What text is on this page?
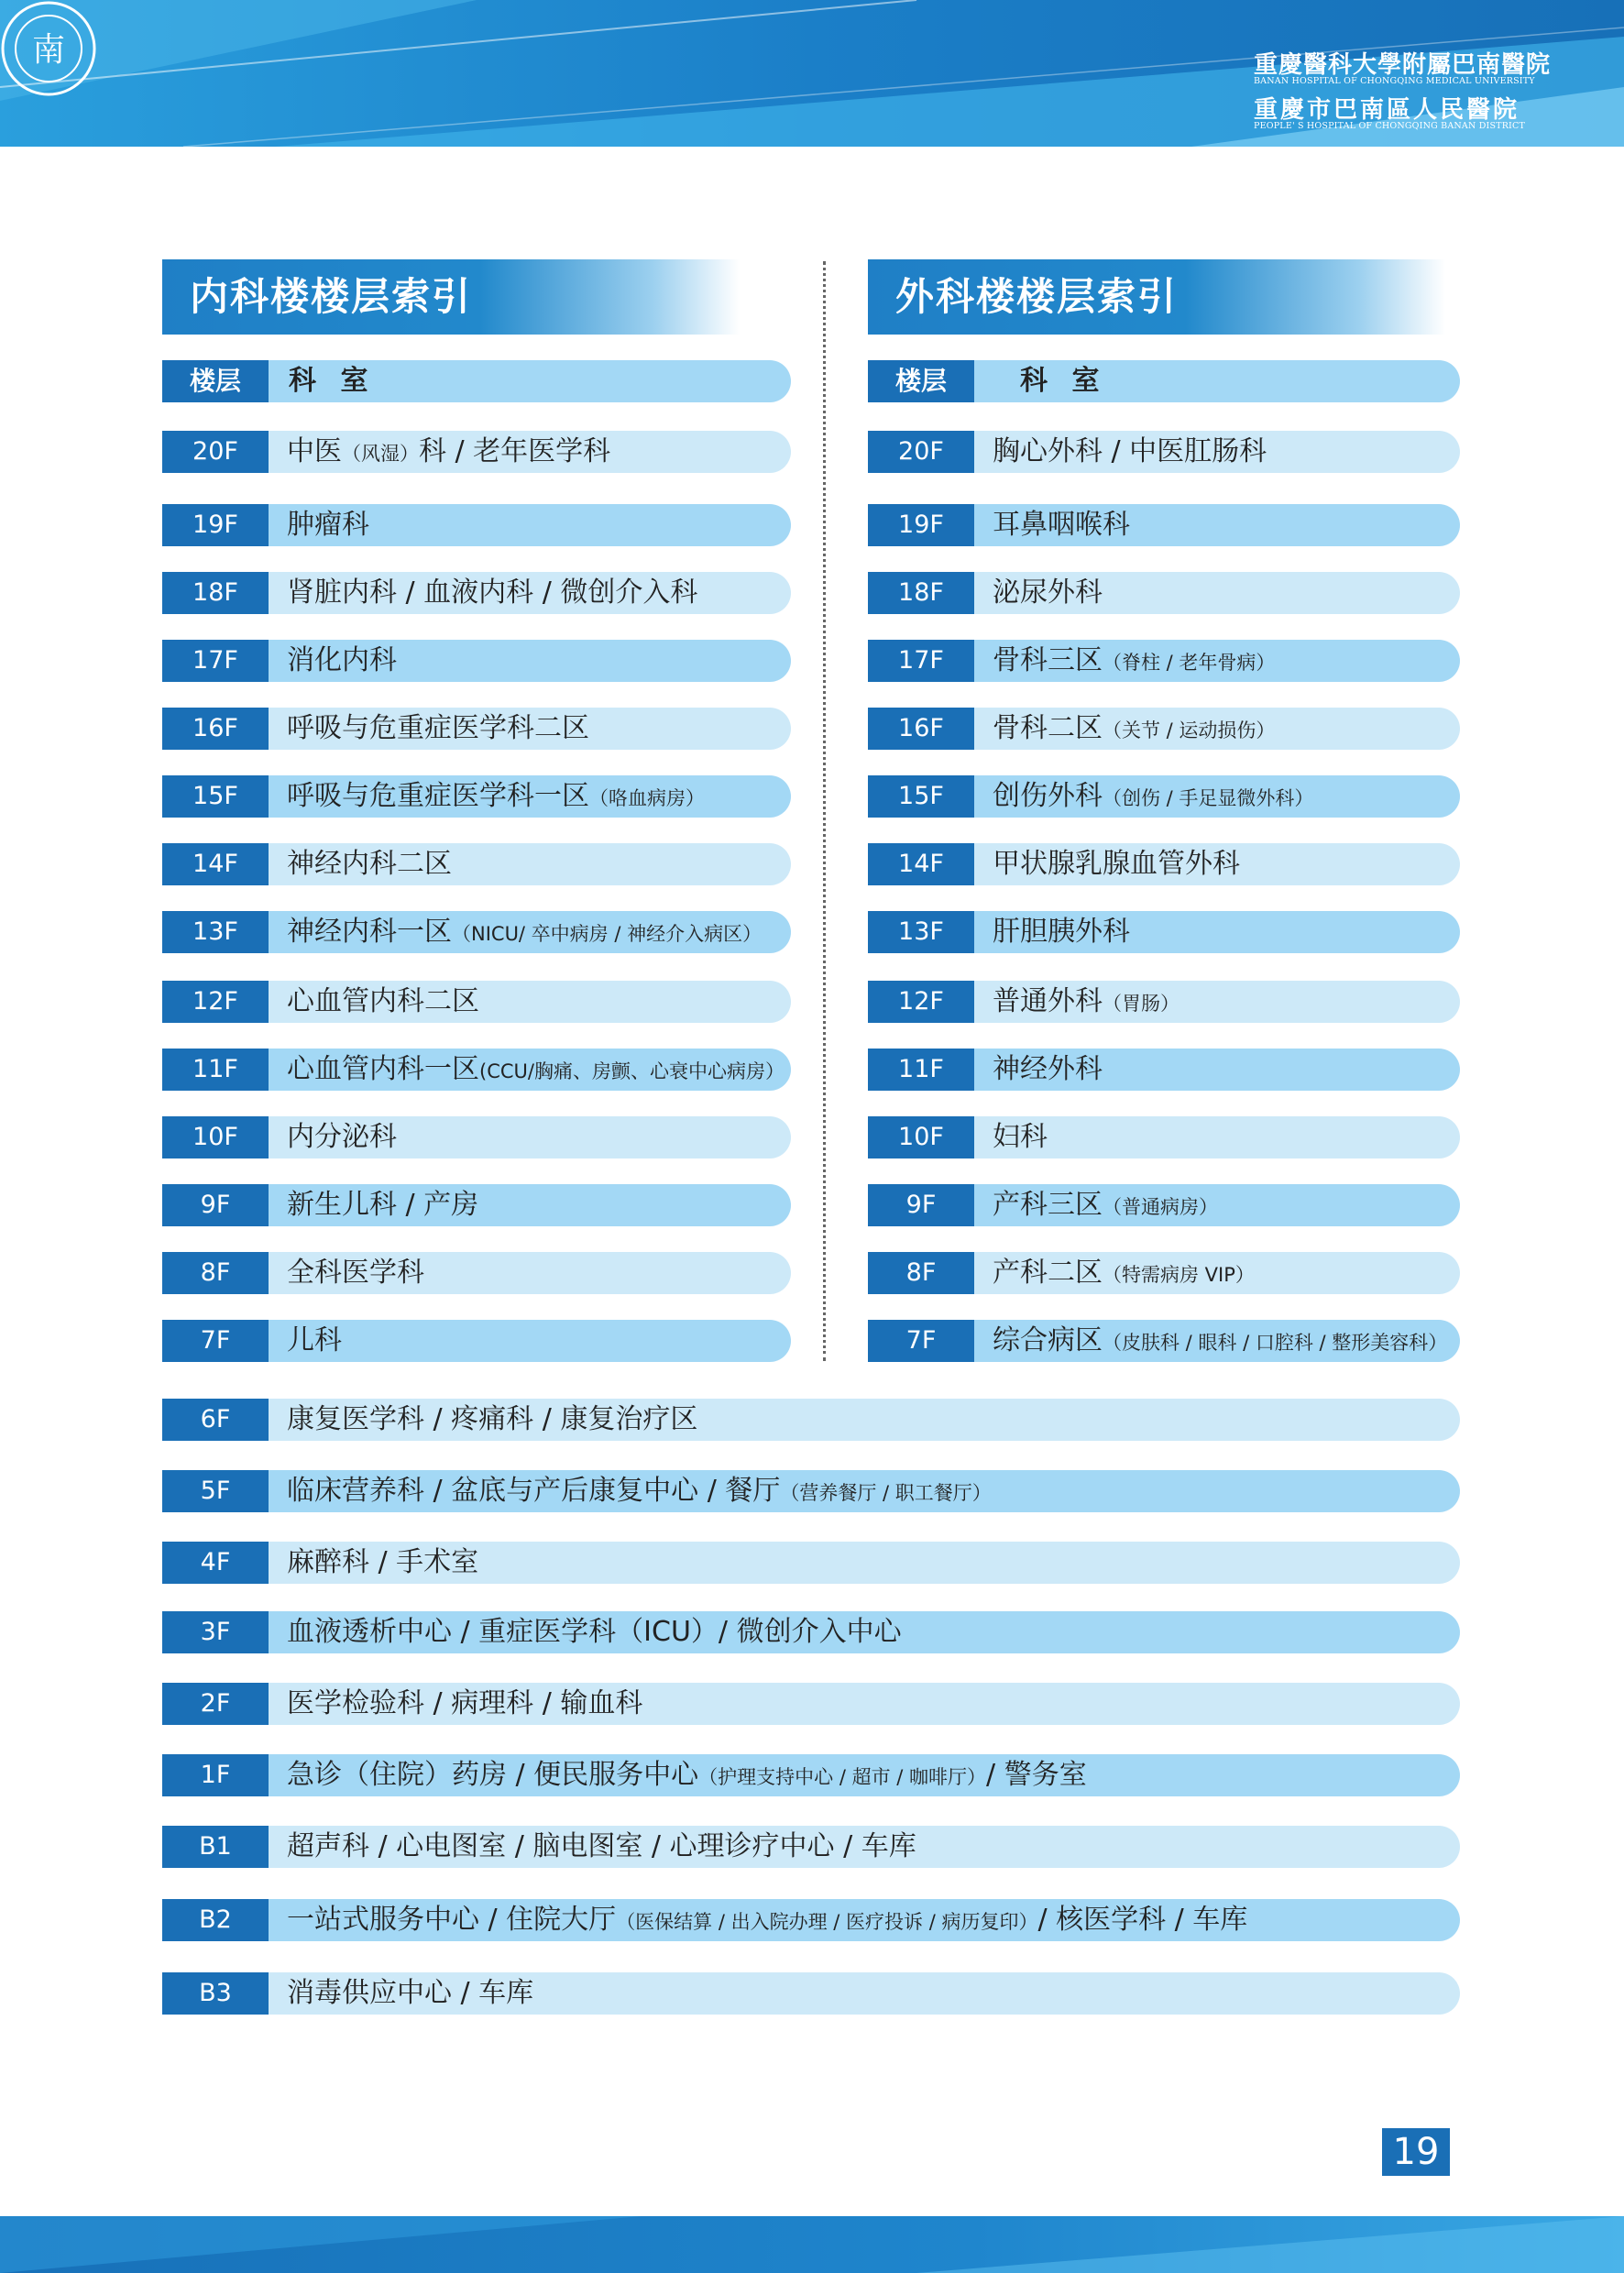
南	重慶醫科大學附屬巴南醫院
BANAN HOSPITAL OF CHONGQING MEDICAL UNIVERSITY
重慶市巴南區人民醫院
PEOPLE' S HOSPITAL OF CHONGQING BANAN DISTRICT
内科楼楼层索引	外科楼楼层索引
楼层	科 室	楼层	科 室
20F	中医（风湿）科 / 老年医学科
19F	肿瘤科
18F	肾脏内科 / 血液内科 / 微创介入科
17F	消化内科
16F	呼吸与危重症医学科二区
15F	呼吸与危重症医学科一区（咯血病房）
14F	神经内科二区
13F	神经内科一区（NICU/ 卒中病房 / 神经介入病区）
12F	心血管内科二区
11F	心血管内科一区(CCU/胸痛、房颤、心衰中心病房）
10F	内分泌科
9F	新生儿科 / 产房
8F	全科医学科
7F	儿科
20F	胸心外科 / 中医肛肠科
19F	耳鼻咽喉科
18F	泌尿外科
17F	骨科三区（脊柱 / 老年骨病）
16F	骨科二区（关节 / 运动损伤）
15F	创伤外科（创伤 / 手足显微外科）
14F	甲状腺乳腺血管外科
13F	肝胆胰外科
12F	普通外科（胃肠）
11F	神经外科
10F	妇科
9F	产科三区（普通病房）
8F	产科二区（特需病房 VIP）
7F	综合病区（皮肤科 / 眼科 / 口腔科 / 整形美容科）
6F	康复医学科 / 疼痛科 / 康复治疗区
5F	临床营养科 / 盆底与产后康复中心 / 餐厅（营养餐厅 / 职工餐厅）
4F	麻醉科 / 手术室
3F	血液透析中心 / 重症医学科（ICU）/ 微创介入中心
2F	医学检验科 / 病理科 / 输血科
1F	急诊（住院）药房 / 便民服务中心（护理支持中心 / 超市 / 咖啡厅）/ 警务室
B1	超声科 / 心电图室 / 脑电图室 / 心理诊疗中心 / 车库
B2	一站式服务中心 / 住院大厅（医保结算 / 出入院办理 / 医疗投诉 / 病历复印）/ 核医学科 / 车库
B3	消毒供应中心 / 车库
19
